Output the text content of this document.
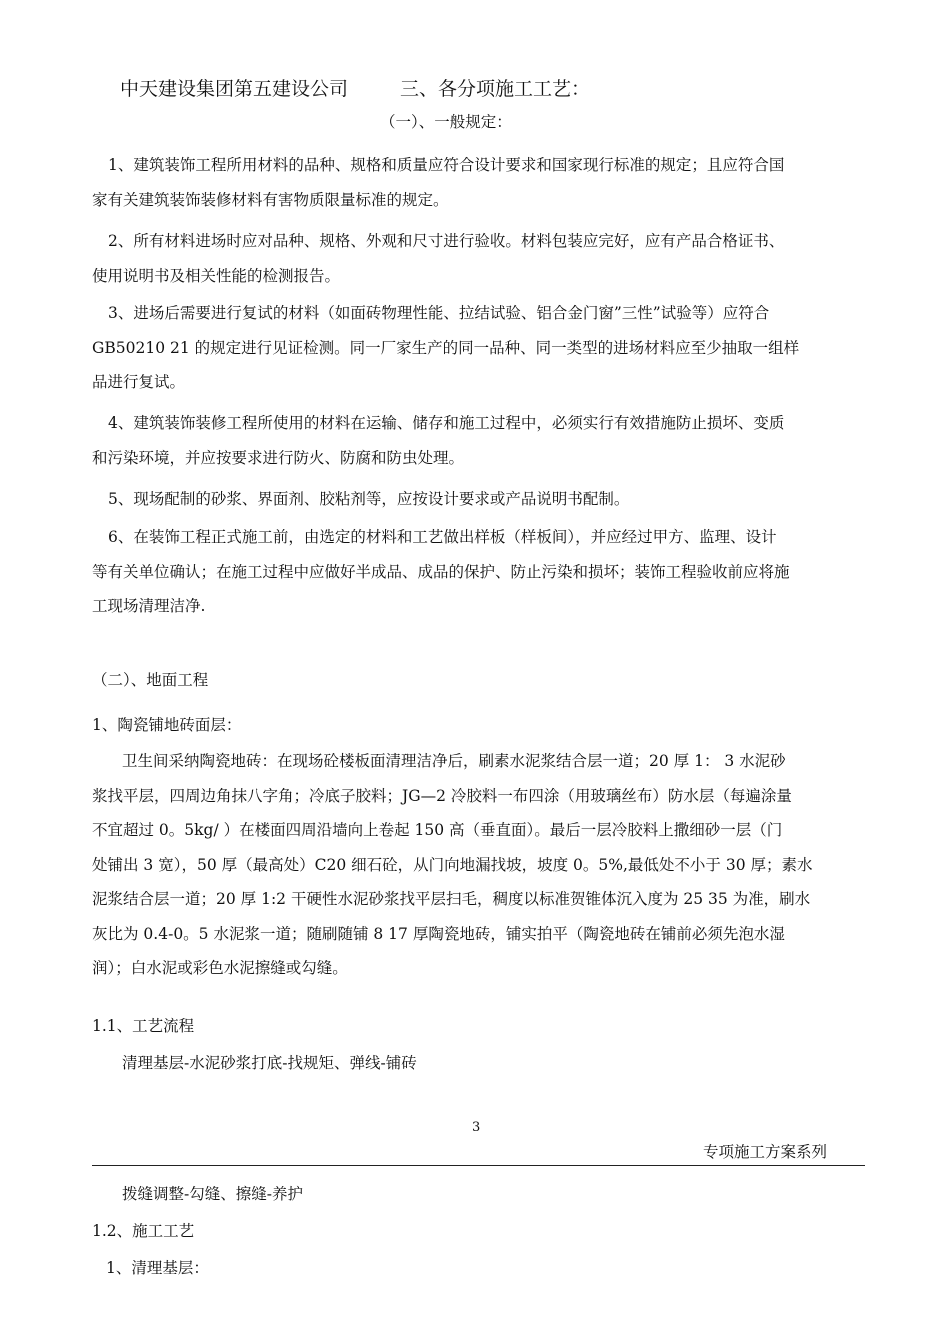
中天建设集团第五建设公司	三、各分项施工工艺：
（一）、一般规定：
1、建筑装饰工程所用材料的品种、规格和质量应符合设计要求和国家现行标准的规定；且应符合国
家有关建筑装饰装修材料有害物质限量标准的规定。
2、所有材料进场时应对品种、规格、外观和尺寸进行验收。材料包装应完好，应有产品合格证书、
使用说明书及相关性能的检测报告。
3、进场后需要进行复试的材料（如面砖物理性能、拉结试验、铝合金门窗”三性”试验等）应符合
GB50210 21 的规定进行见证检测。同一厂家生产的同一品种、同一类型的进场材料应至少抽取一组样
品进行复试。
4、建筑装饰装修工程所使用的材料在运输、储存和施工过程中，必须实行有效措施防止损坏、变质
和污染环境，并应按要求进行防火、防腐和防虫处理。
5、现场配制的砂浆、界面剂、胶粘剂等，应按设计要求或产品说明书配制。
6、在装饰工程正式施工前，由选定的材料和工艺做出样板（样板间），并应经过甲方、监理、设计
等有关单位确认；在施工过程中应做好半成品、成品的保护、防止污染和损坏；装饰工程验收前应将施
工现场清理洁净.
（二）、地面工程
1、陶瓷铺地砖面层：
卫生间采纳陶瓷地砖：在现场砼楼板面清理洁净后，刷素水泥浆结合层一道；20 厚 1： 3 水泥砂
浆找平层，四周边角抹八字角；冷底子胶料；JG—2 冷胶料一布四涂（用玻璃丝布）防水层（每遍涂量
不宜超过 0。5kg/ ）在楼面四周沿墙向上卷起 150 高（垂直面）。最后一层冷胶料上撒细砂一层（门
处铺出 3 宽），50 厚（最高处）C20 细石砼，从门向地漏找坡，坡度 0。5%,最低处不小于 30 厚；素水
泥浆结合层一道；20 厚 1:2 干硬性水泥砂浆找平层扫毛，稠度以标准贺锥体沉入度为 25 35 为准，刷水
灰比为 0.4-0。5 水泥浆一道；随刷随铺 8 17 厚陶瓷地砖，铺实拍平（陶瓷地砖在铺前必须先泡水湿
润）；白水泥或彩色水泥擦缝或勾缝。
1.1、工艺流程
清理基层-水泥砂浆打底-找规矩、弹线-铺砖
3
专项施工方案系列
拨缝调整-勾缝、擦缝-养护
1.2、施工工艺
1、清理基层：
